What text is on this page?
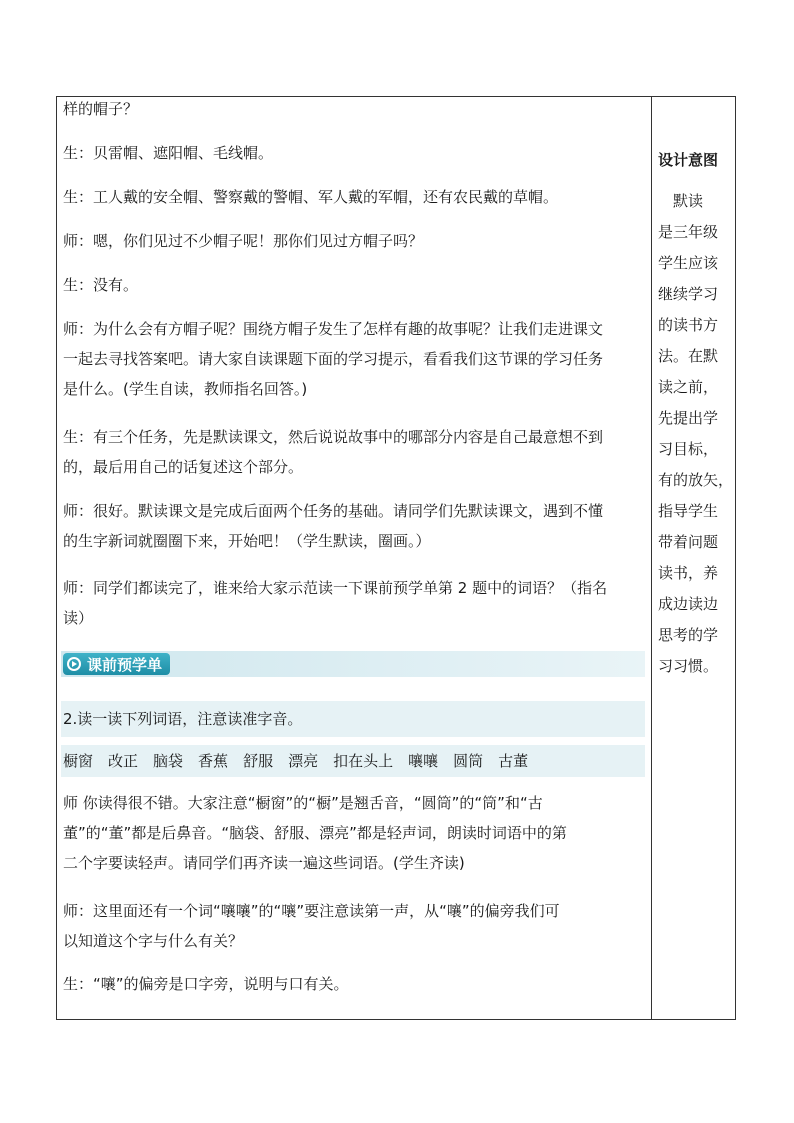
样的帽子？
生：贝雷帽、遮阳帽、毛线帽。
生：工人戴的安全帽、警察戴的警帽、军人戴的军帽，还有农民戴的草帽。
师：嗯，你们见过不少帽子呢！那你们见过方帽子吗？
生：没有。
师：为什么会有方帽子呢？围绕方帽子发生了怎样有趣的故事呢？让我们走进课文
一起去寻找答案吧。请大家自读课题下面的学习提示，看看我们这节课的学习任务
是什么。(学生自读，教师指名回答。)
生：有三个任务，先是默读课文，然后说说故事中的哪部分内容是自己最意想不到
的，最后用自己的话复述这个部分。
师：很好。默读课文是完成后面两个任务的基础。请同学们先默读课文，遇到不懂
的生字新词就圈圈下来，开始吧！（学生默读，圈画。）
师：同学们都读完了，谁来给大家示范读一下课前预学单第 2 题中的词语？（指名
读）
课前预学单
2.读一读下列词语，注意读准字音。
橱窗 改正 脑袋 香蕉 舒服 漂亮 扣在头上 嚷嚷 圆筒 古董
师 你读得很不错。大家注意“橱窗”的“橱”是翘舌音，“圆筒”的“筒”和“古
董”的“董”都是后鼻音。“脑袋、舒服、漂亮”都是轻声词，朗读时词语中的第
二个字要读轻声。请同学们再齐读一遍这些词语。(学生齐读)
师：这里面还有一个词“嚷嚷”的“嚷”要注意读第一声，从“嚷”的偏旁我们可
以知道这个字与什么有关？
生：“嚷”的偏旁是口字旁，说明与口有关。
设计意图
　默读
是三年级
学生应该
继续学习
的读书方
法。在默
读之前，
先提出学
习目标，
有的放矢，
指导学生
带着问题
读书，养
成边读边
思考的学
习习惯。
